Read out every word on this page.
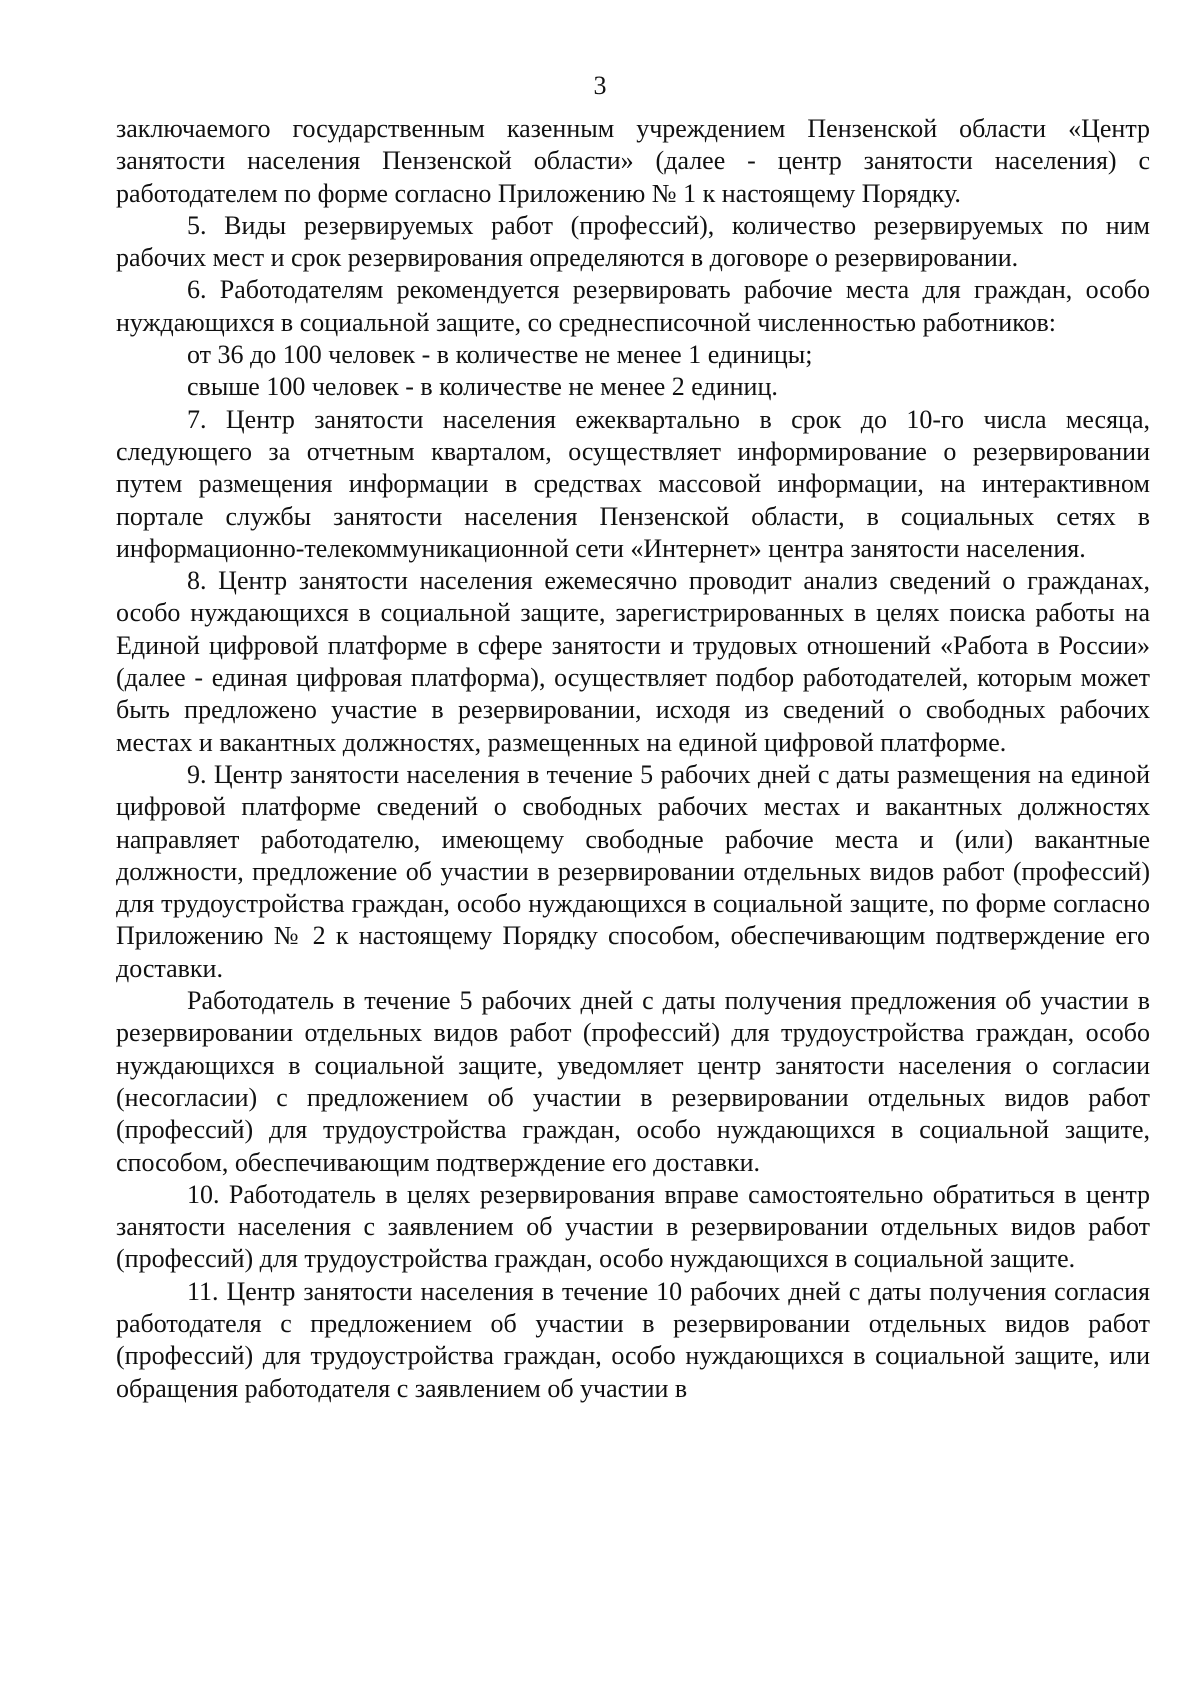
3

заключаемого государственным казенным учреждением Пензенской области «Центр занятости населения Пензенской области» (далее - центр занятости населения) с работодателем по форме согласно Приложению № 1 к настоящему Порядку.

5. Виды резервируемых работ (профессий), количество резервируемых по ним рабочих мест и срок резервирования определяются в договоре о резервировании.

6. Работодателям рекомендуется резервировать рабочие места для граждан, особо нуждающихся в социальной защите, со среднесписочной численностью работников:

от 36 до 100 человек - в количестве не менее 1 единицы;

свыше 100 человек - в количестве не менее 2 единиц.

7. Центр занятости населения ежеквартально в срок до 10-го числа месяца, следующего за отчетным кварталом, осуществляет информирование о резервировании путем размещения информации в средствах массовой информации, на интерактивном портале службы занятости населения Пензенской области, в социальных сетях в информационно-телекоммуникационной сети «Интернет» центра занятости населения.

8. Центр занятости населения ежемесячно проводит анализ сведений о гражданах, особо нуждающихся в социальной защите, зарегистрированных в целях поиска работы на Единой цифровой платформе в сфере занятости и трудовых отношений «Работа в России» (далее - единая цифровая платформа), осуществляет подбор работодателей, которым может быть предложено участие в резервировании, исходя из сведений о свободных рабочих местах и вакантных должностях, размещенных на единой цифровой платформе.

9. Центр занятости населения в течение 5 рабочих дней с даты размещения на единой цифровой платформе сведений о свободных рабочих местах и вакантных должностях направляет работодателю, имеющему свободные рабочие места и (или) вакантные должности, предложение об участии в резервировании отдельных видов работ (профессий) для трудоустройства граждан, особо нуждающихся в социальной защите, по форме согласно Приложению № 2 к настоящему Порядку способом, обеспечивающим подтверждение его доставки.

Работодатель в течение 5 рабочих дней с даты получения предложения об участии в резервировании отдельных видов работ (профессий) для трудоустройства граждан, особо нуждающихся в социальной защите, уведомляет центр занятости населения о согласии (несогласии) с предложением об участии в резервировании отдельных видов работ (профессий) для трудоустройства граждан, особо нуждающихся в социальной защите, способом, обеспечивающим подтверждение его доставки.

10. Работодатель в целях резервирования вправе самостоятельно обратиться в центр занятости населения с заявлением об участии в резервировании отдельных видов работ (профессий) для трудоустройства граждан, особо нуждающихся в социальной защите.

11. Центр занятости населения в течение 10 рабочих дней с даты получения согласия работодателя с предложением об участии в резервировании отдельных видов работ (профессий) для трудоустройства граждан, особо нуждающихся в социальной защите, или обращения работодателя с заявлением об участии в
